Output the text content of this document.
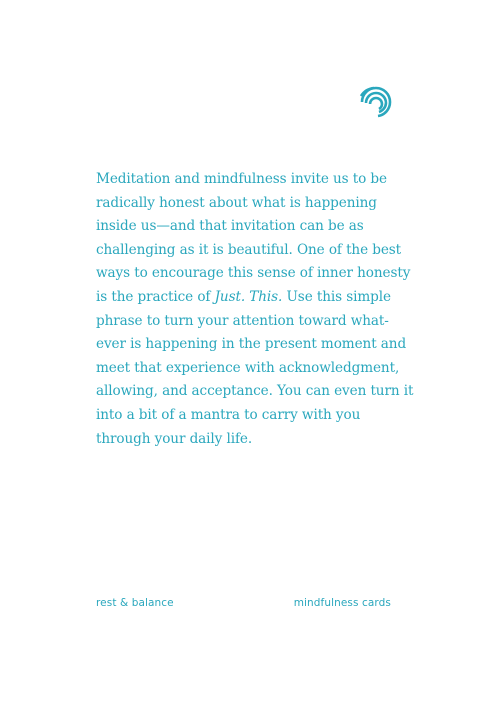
Meditation and mindfulness invite us to be
radically honest about what is happening
inside us—and that invitation can be as
challenging as it is beautiful. One of the best
ways to encourage this sense of inner honesty
is the practice of Just. This. Use this simple
phrase to turn your attention toward what-
ever is happening in the present moment and
meet that experience with acknowledgment,
allowing, and acceptance. You can even turn it
into a bit of a mantra to carry with you
through your daily life.
rest & balance	mindfulness cards
